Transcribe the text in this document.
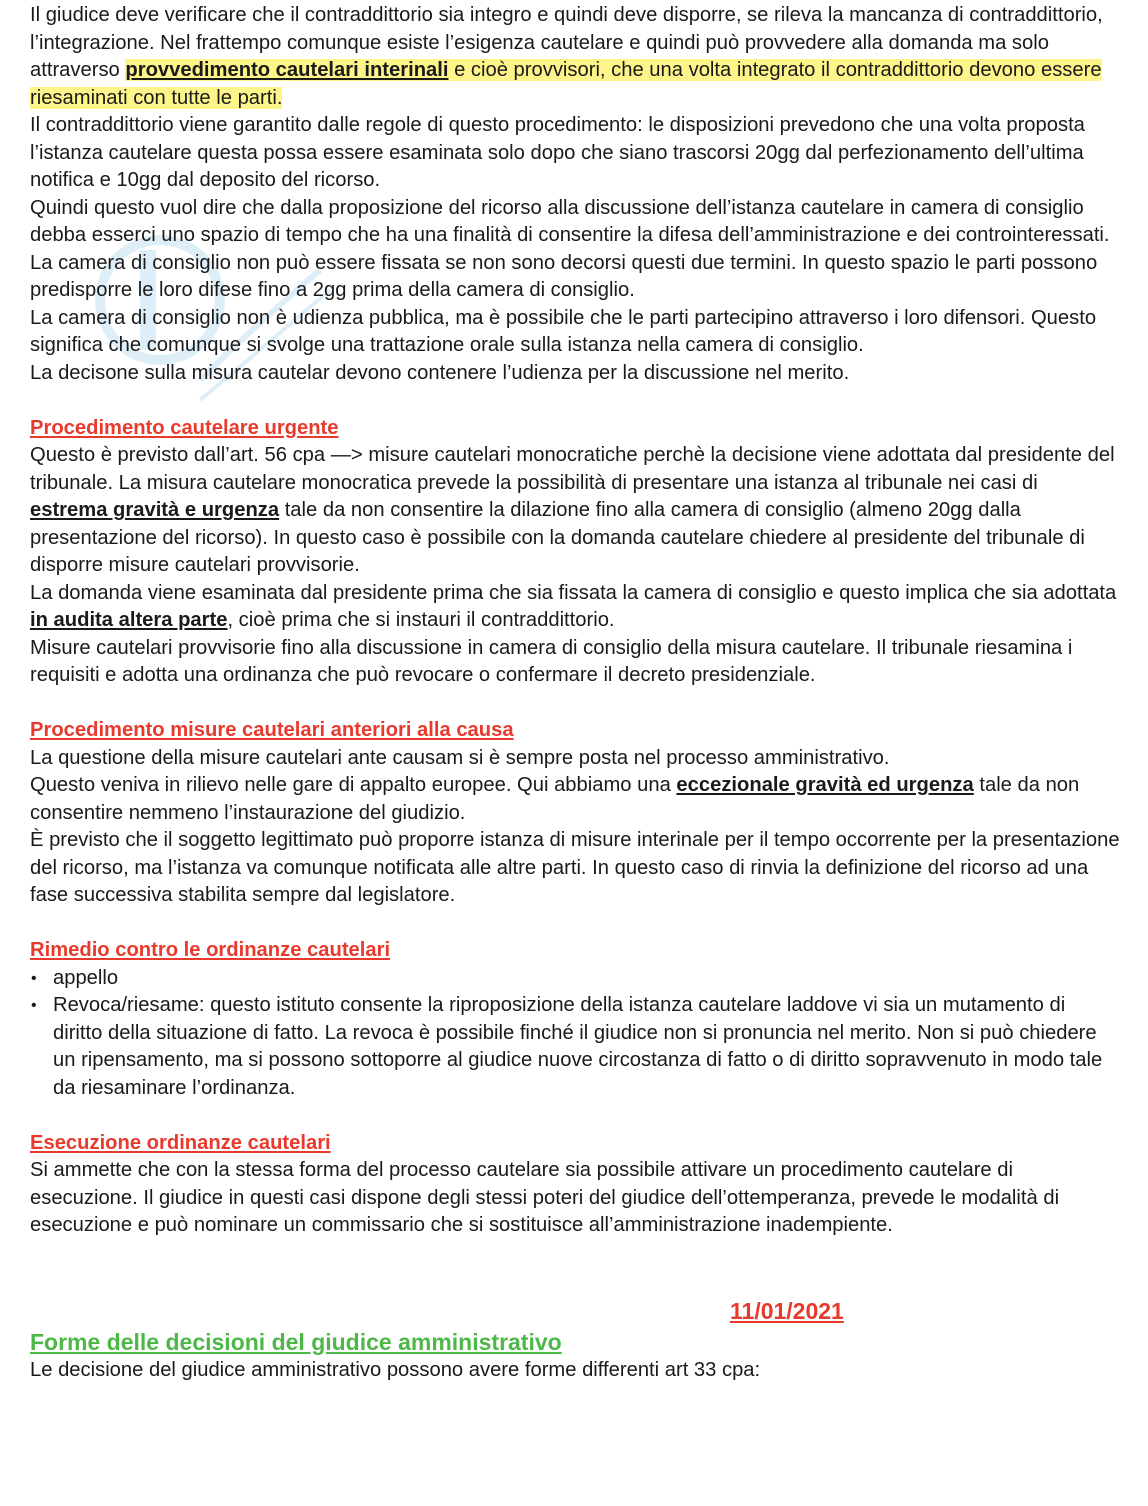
Il giudice deve verificare che il contraddittorio sia integro e quindi deve disporre, se rileva la mancanza di contraddittorio, l’integrazione. Nel frattempo comunque esiste l’esigenza cautelare e quindi può provvedere alla domanda ma solo attraverso provvedimento cautelari interinali e cioè provvisori, che una volta integrato il contraddittorio devono essere riesaminati con tutte le parti.

Il contraddittorio viene garantito dalle regole di questo procedimento: le disposizioni prevedono che una volta proposta l’istanza cautelare questa possa essere esaminata solo dopo che siano trascorsi 20gg dal perfezionamento dell’ultima notifica e 10gg dal deposito del ricorso.

Quindi questo vuol dire che dalla proposizione del ricorso alla discussione dell’istanza cautelare in camera di consiglio debba esserci uno spazio di tempo che ha una finalità di consentire la difesa dell’amministrazione e dei controinteressati. La camera di consiglio non può essere fissata se non sono decorsi questi due termini. In questo spazio le parti possono predisporre le loro difese fino a 2gg prima della camera di consiglio.

La camera di consiglio non è udienza pubblica, ma è possibile che le parti partecipino attraverso i loro difensori. Questo significa che comunque si svolge una trattazione orale sulla istanza nella camera di consiglio.

La decisone sulla misura cautelar devono contenere l’udienza per la discussione nel merito.

Procedimento cautelare urgente

Questo è previsto dall’art. 56 cpa —> misure cautelari monocratiche perchè la decisione viene adottata dal presidente del tribunale. La misura cautelare monocratica prevede la possibilità di presentare una istanza al tribunale nei casi di estrema gravità e urgenza tale da non consentire la dilazione fino alla camera di consiglio (almeno 20gg dalla presentazione del ricorso). In questo caso è possibile con la domanda cautelare chiedere al presidente del tribunale di disporre misure cautelari provvisorie.

La domanda viene esaminata dal presidente prima che sia fissata la camera di consiglio e questo implica che sia adottata in audita altera parte, cioè prima che si instauri il contraddittorio.

Misure cautelari provvisorie fino alla discussione in camera di consiglio della misura cautelare. Il tribunale riesamina i requisiti e adotta una ordinanza che può revocare o confermare il decreto presidenziale.

Procedimento misure cautelari anteriori alla causa

La questione della misure cautelari ante causam si è sempre posta nel processo amministrativo.

Questo veniva in rilievo nelle gare di appalto europee. Qui abbiamo una eccezionale gravità ed urgenza tale da non consentire nemmeno l’instaurazione del giudizio.

È previsto che il soggetto legittimato può proporre istanza di misure interinale per il tempo occorrente per la presentazione del ricorso, ma l’istanza va comunque notificata alle altre parti. In questo caso di rinvia la definizione del ricorso ad una fase successiva stabilita sempre dal legislatore.

Rimedio contro le ordinanze cautelari
• appello
• Revoca/riesame: questo istituto consente la riproposizione della istanza cautelare laddove vi sia un mutamento di diritto della situazione di fatto. La revoca è possibile finché il giudice non si pronuncia nel merito. Non si può chiedere un ripensamento, ma si possono sottoporre al giudice nuove circostanza di fatto o di diritto sopravvenuto in modo tale da riesaminare l’ordinanza.
Esecuzione ordinanze cautelari

Si ammette che con la stessa forma del processo cautelare sia possibile attivare un procedimento cautelare di esecuzione. Il giudice in questi casi dispone degli stessi poteri del giudice dell’ottemperanza, prevede le modalità di esecuzione e può nominare un commissario che si sostituisce all’amministrazione inadempiente.

11/01/2021
Forme delle decisioni del giudice amministrativo

Le decisione del giudice amministrativo possono avere forme differenti art 33 cpa:
